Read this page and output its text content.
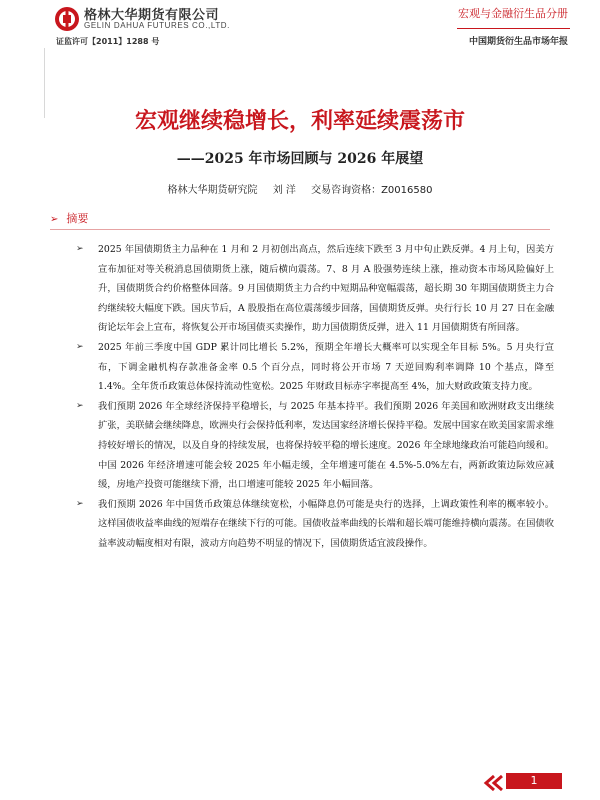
格林大华期货有限公司
GELIN DAHUA FUTURES CO.,LTD.
证监许可【2011】1288 号
宏观与金融衍生品分册
中国期货衍生品市场年报
宏观继续稳增长，利率延续震荡市
——2025 年市场回顾与 2026 年展望
格林大华期货研究院 刘 洋 交易咨询资格：Z0016580
➢ 摘要
➢ 2025 年国债期货主力品种在 1 月和 2 月初创出高点，然后连续下跌至 3 月中旬止跌反弹。4 月上旬，因美方宣布加征对等关税消息国债期货上涨，随后横向震荡。7、8 月 A 股强势连续上涨，推动资本市场风险偏好上升，国债期货合约价格整体回落。9 月国债期货主力合约中短期品种宽幅震荡，超长期 30 年期国债期货主力合约继续较大幅度下跌。国庆节后，A 股股指在高位震荡缓步回落，国债期货反弹。央行行长 10 月 27 日在金融街论坛年会上宣布，将恢复公开市场国债买卖操作，助力国债期货反弹，进入 11 月国债期货有所回落。
➢ 2025 年前三季度中国 GDP 累计同比增长 5.2%，预期全年增长大概率可以实现全年目标 5%。5 月央行宣布，下调金融机构存款准备金率 0.5 个百分点，同时将公开市场 7 天逆回购利率调降 10 个基点，降至 1.4%。全年货币政策总体保持流动性宽松。2025 年财政目标赤字率提高至 4%，加大财政政策支持力度。
➢ 我们预期 2026 年全球经济保持平稳增长，与 2025 年基本持平。我们预期 2026 年美国和欧洲财政支出继续扩张，美联储会继续降息，欧洲央行会保持低利率，发达国家经济增长保持平稳。发展中国家在欧美国家需求维持较好增长的情况，以及自身的持续发展，也将保持较平稳的增长速度。2026 年全球地缘政治可能趋向缓和。中国 2026 年经济增速可能会较 2025 年小幅走缓，全年增速可能在 4.5%-5.0%左右，两新政策边际效应减缓，房地产投资可能继续下滑，出口增速可能较 2025 年小幅回落。
➢ 我们预期 2026 年中国货币政策总体继续宽松，小幅降息仍可能是央行的选择，上调政策性利率的概率较小。这样国债收益率曲线的短端存在继续下行的可能。国债收益率曲线的长端和超长端可能维持横向震荡。在国债收益率波动幅度相对有限，波动方向趋势不明显的情况下，国债期货适宜波段操作。
1
